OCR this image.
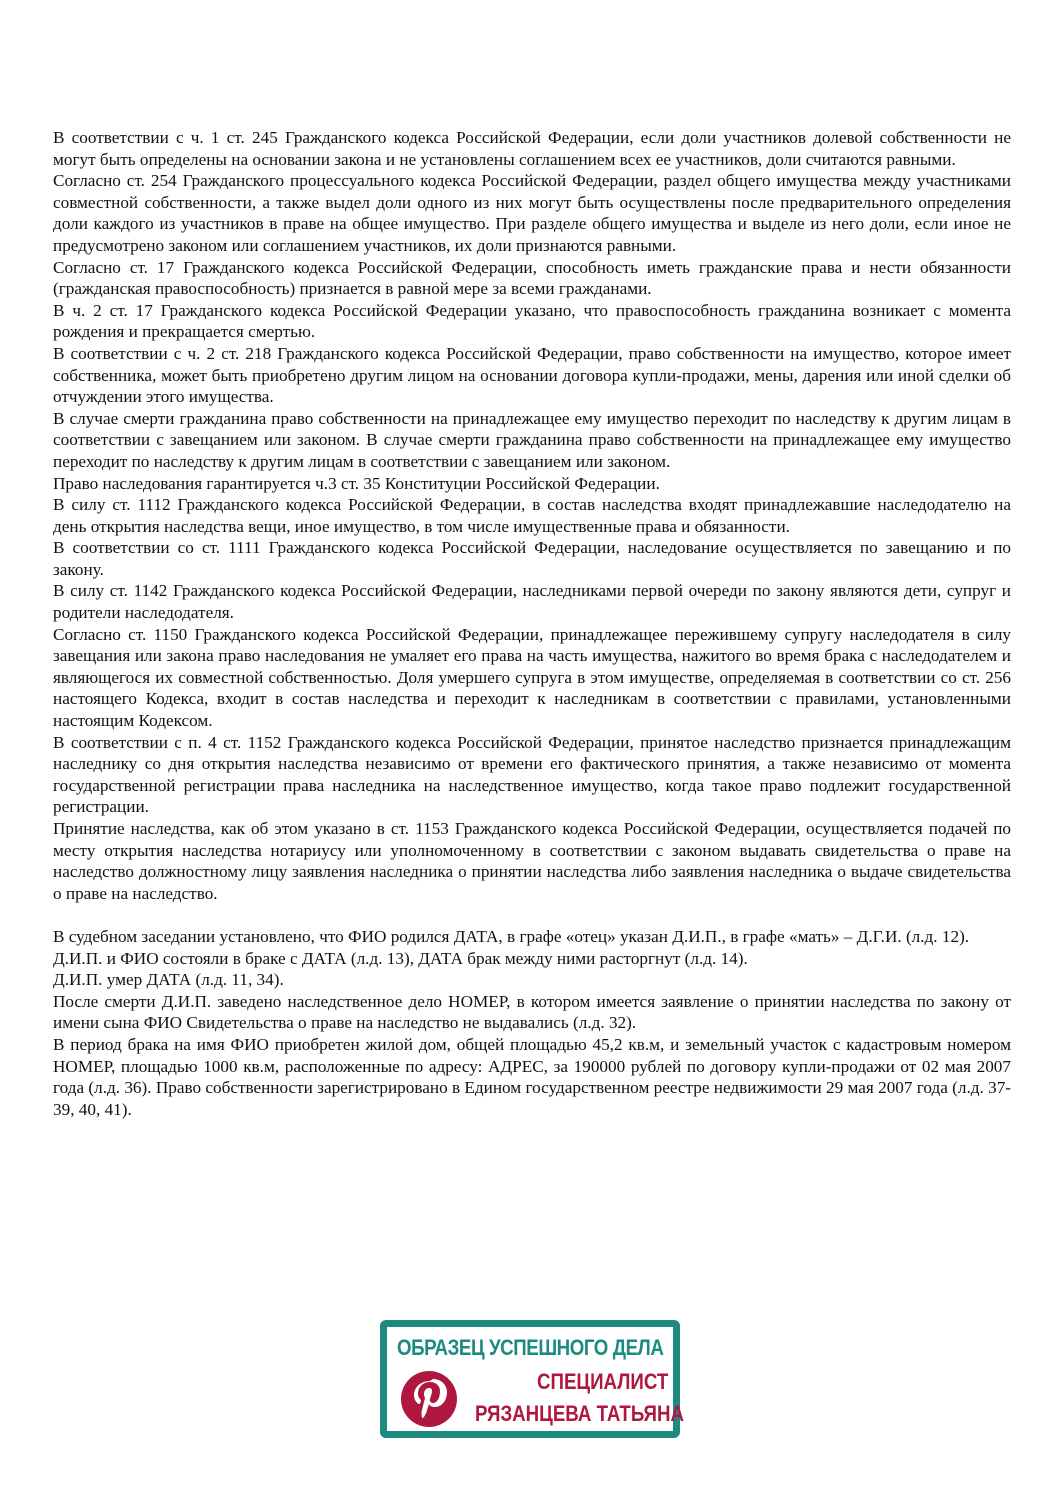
В соответствии с ч. 1 ст. 245 Гражданского кодекса Российской Федерации, если доли участников долевой собственности не могут быть определены на основании закона и не установлены соглашением всех ее участников, доли считаются равными.

Согласно ст. 254 Гражданского процессуального кодекса Российской Федерации, раздел общего имущества между участниками совместной собственности, а также выдел доли одного из них могут быть осуществлены после предварительного определения доли каждого из участников в праве на общее имущество. При разделе общего имущества и выделе из него доли, если иное не предусмотрено законом или соглашением участников, их доли признаются равными.

Согласно ст. 17 Гражданского кодекса Российской Федерации, способность иметь гражданские права и нести обязанности (гражданская правоспособность) признается в равной мере за всеми гражданами.

В ч. 2 ст. 17 Гражданского кодекса Российской Федерации указано, что правоспособность гражданина возникает с момента рождения и прекращается смертью.

В соответствии с ч. 2 ст. 218 Гражданского кодекса Российской Федерации, право собственности на имущество, которое имеет собственника, может быть приобретено другим лицом на основании договора купли-продажи, мены, дарения или иной сделки об отчуждении этого имущества.

В случае смерти гражданина право собственности на принадлежащее ему имущество переходит по наследству к другим лицам в соответствии с завещанием или законом. В случае смерти гражданина право собственности на принадлежащее ему имущество переходит по наследству к другим лицам в соответствии с завещанием или законом.

Право наследования гарантируется ч.3 ст. 35 Конституции Российской Федерации.

В силу ст. 1112 Гражданского кодекса Российской Федерации, в состав наследства входят принадлежавшие наследодателю на день открытия наследства вещи, иное имущество, в том числе имущественные права и обязанности.

В соответствии со ст. 1111 Гражданского кодекса Российской Федерации, наследование осуществляется по завещанию и по закону.

В силу ст. 1142 Гражданского кодекса Российской Федерации, наследниками первой очереди по закону являются дети, супруг и родители наследодателя.

Согласно ст. 1150 Гражданского кодекса Российской Федерации, принадлежащее пережившему супругу наследодателя в силу завещания или закона право наследования не умаляет его права на часть имущества, нажитого во время брака с наследодателем и являющегося их совместной собственностью. Доля умершего супруга в этом имуществе, определяемая в соответствии со ст. 256 настоящего Кодекса, входит в состав наследства и переходит к наследникам в соответствии с правилами, установленными настоящим Кодексом.

В соответствии с п. 4 ст. 1152 Гражданского кодекса Российской Федерации, принятое наследство признается принадлежащим наследнику со дня открытия наследства независимо от времени его фактического принятия, а также независимо от момента государственной регистрации права наследника на наследственное имущество, когда такое право подлежит государственной регистрации.

Принятие наследства, как об этом указано в ст. 1153 Гражданского кодекса Российской Федерации, осуществляется подачей по месту открытия наследства нотариусу или уполномоченному в соответствии с законом выдавать свидетельства о праве на наследство должностному лицу заявления наследника о принятии наследства либо заявления наследника о выдаче свидетельства о праве на наследство.

В судебном заседании установлено, что ФИО родился ДАТА, в графе «отец» указан Д.И.П., в графе «мать» – Д.Г.И. (л.д. 12).

Д.И.П. и ФИО состояли в браке с ДАТА (л.д. 13), ДАТА брак между ними расторгнут (л.д. 14).

Д.И.П. умер ДАТА (л.д. 11, 34).

После смерти Д.И.П. заведено наследственное дело НОМЕР, в котором имеется заявление о принятии наследства по закону от имени сына ФИО Свидетельства о праве на наследство не выдавались (л.д. 32).

В период брака на имя ФИО приобретен жилой дом, общей площадью 45,2 кв.м, и земельный участок с кадастровым номером НОМЕР, площадью 1000 кв.м, расположенные по адресу: АДРЕС, за 190000 рублей по договору купли-продажи от 02 мая 2007 года (л.д. 36). Право собственности зарегистрировано в Едином государственном реестре недвижимости 29 мая 2007 года (л.д. 37-39, 40, 41).

ОБРАЗЕЦ УСПЕШНОГО ДЕЛА
СПЕЦИАЛИСТ
РЯЗАНЦЕВА ТАТЬЯНА
